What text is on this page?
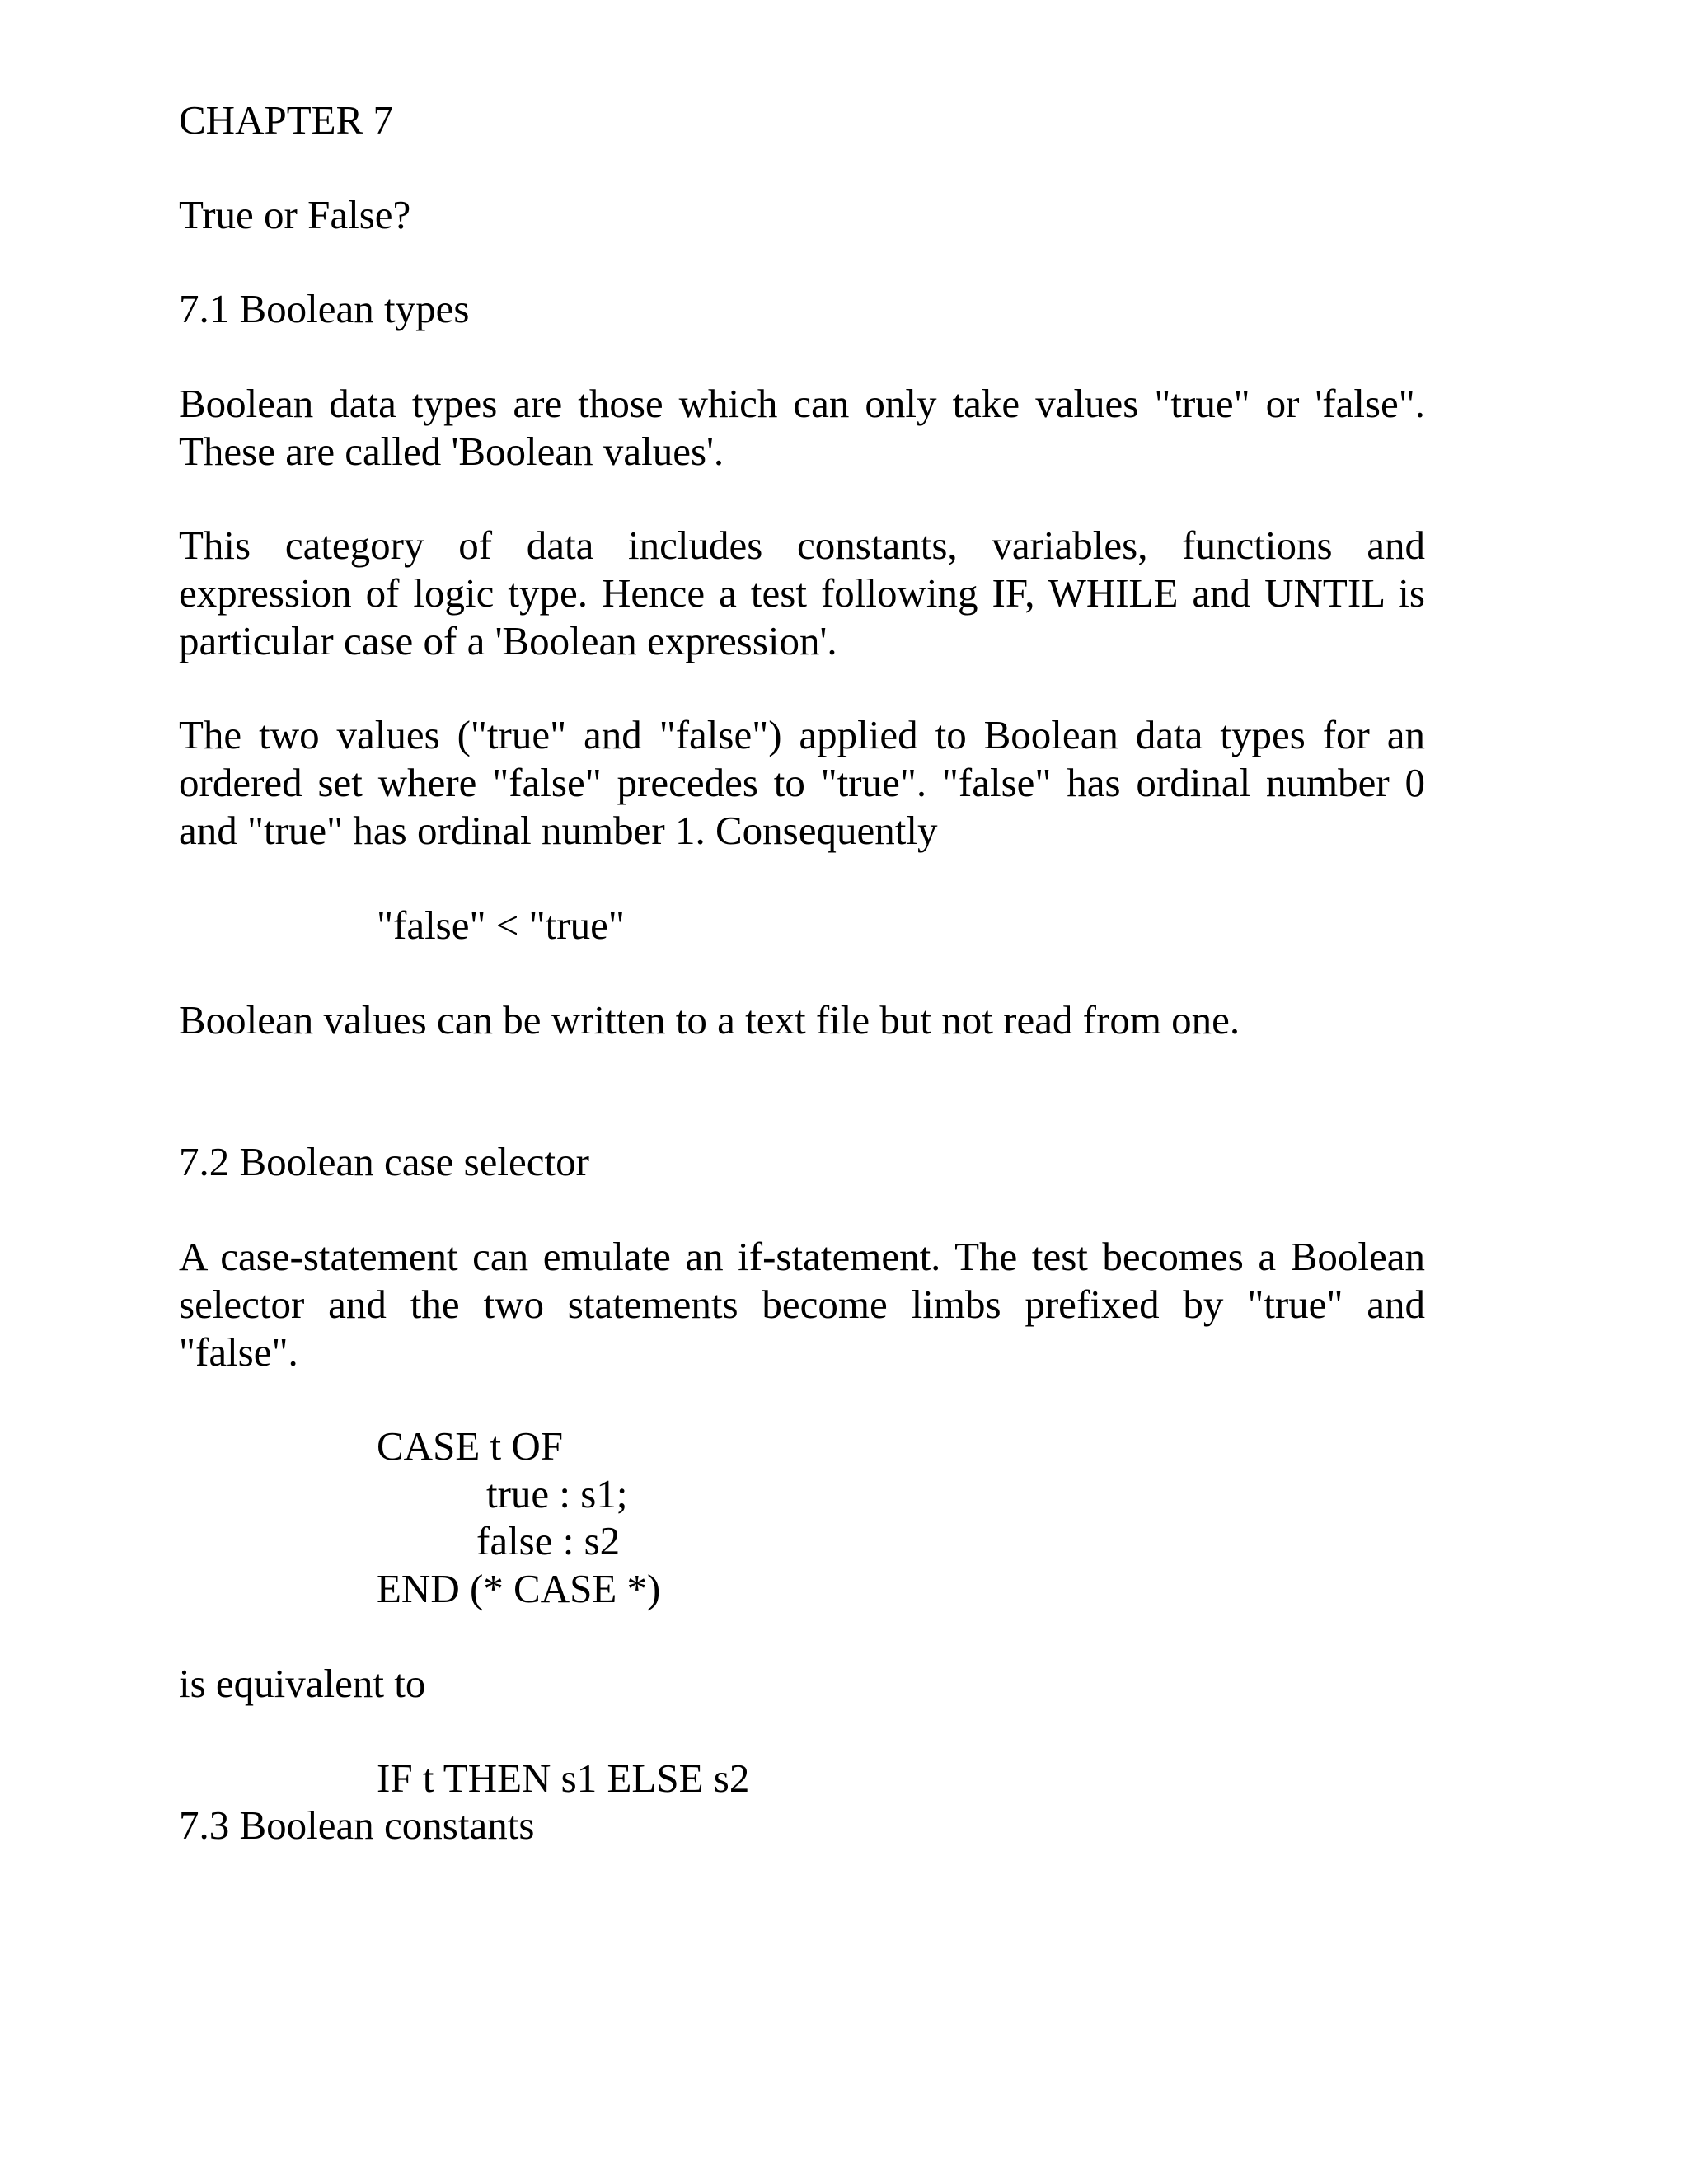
CHAPTER 7

True or False?

7.1 Boolean types

Boolean data types are those which can only take values "true" or 'false".
These are called 'Boolean values'.

This category of data includes constants, variables, functions and
expression of logic type. Hence a test following IF, WHILE and UNTIL is
particular case of a 'Boolean expression'.

The two values ("true" and "false") applied to Boolean data types for an
ordered set where "false" precedes to "true". "false" has ordinal number 0
and "true" has ordinal number 1. Consequently

"false" < "true"

Boolean values can be written to a text file but not read from one.

7.2 Boolean case selector

A case-statement can emulate an if-statement. The test becomes a Boolean
selector and the two statements become limbs prefixed by "true" and
"false".

CASE t OF

true : s1;

false : s2

END (* CASE *)

is equivalent to

IF t THEN s1 ELSE s2

7.3 Boolean constants
